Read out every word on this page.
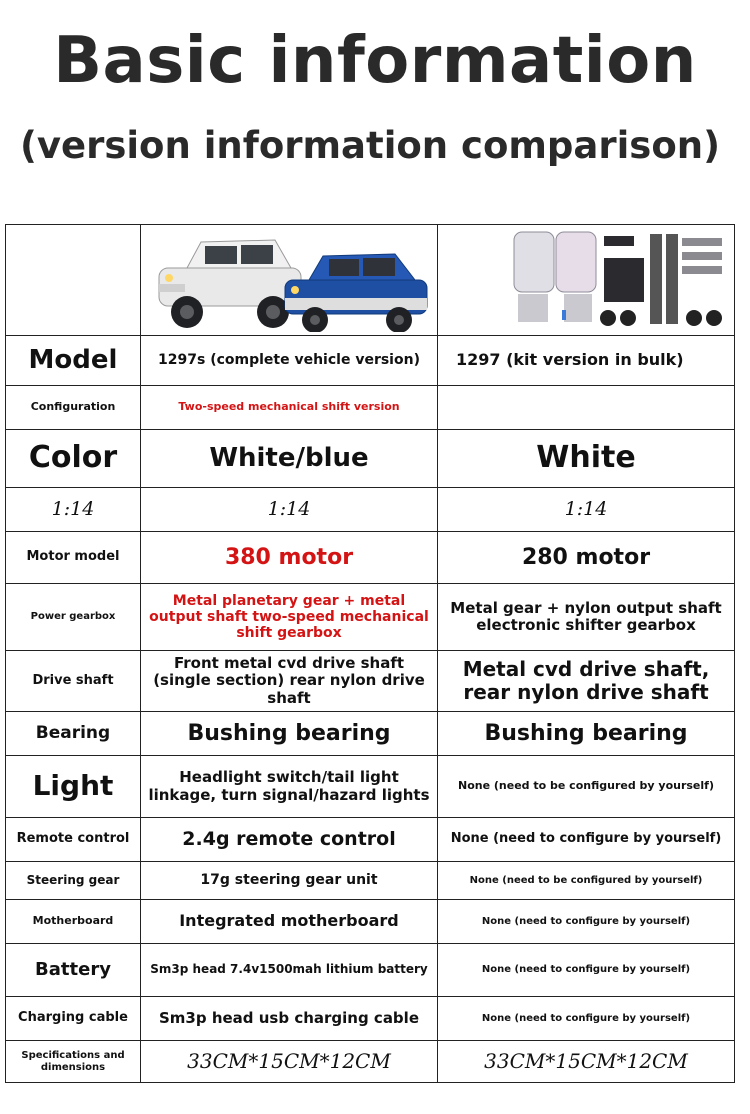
Basic information
(version information comparison)

Model	1297s (complete vehicle version)	1297 (kit version in bulk)
Configuration	Two-speed mechanical shift version	
Color	White/blue	White
1:14	1:14	1:14
Motor model	380 motor	280 motor
Power gearbox	Metal planetary gear + metal output shaft two-speed mechanical shift gearbox	Metal gear + nylon output shaft electronic shifter gearbox
Drive shaft	Front metal cvd drive shaft (single section) rear nylon drive shaft	Metal cvd drive shaft, rear nylon drive shaft
Bearing	Bushing bearing	Bushing bearing
Light	Headlight switch/tail light linkage, turn signal/hazard lights	None (need to be configured by yourself)
Remote control	2.4g remote control	None (need to configure by yourself)
Steering gear	17g steering gear unit	None (need to be configured by yourself)
Motherboard	Integrated motherboard	None (need to configure by yourself)
Battery	Sm3p head 7.4v1500mah lithium battery	None (need to configure by yourself)
Charging cable	Sm3p head usb charging cable	None (need to configure by yourself)
Specifications and dimensions	33CM*15CM*12CM	33CM*15CM*12CM
